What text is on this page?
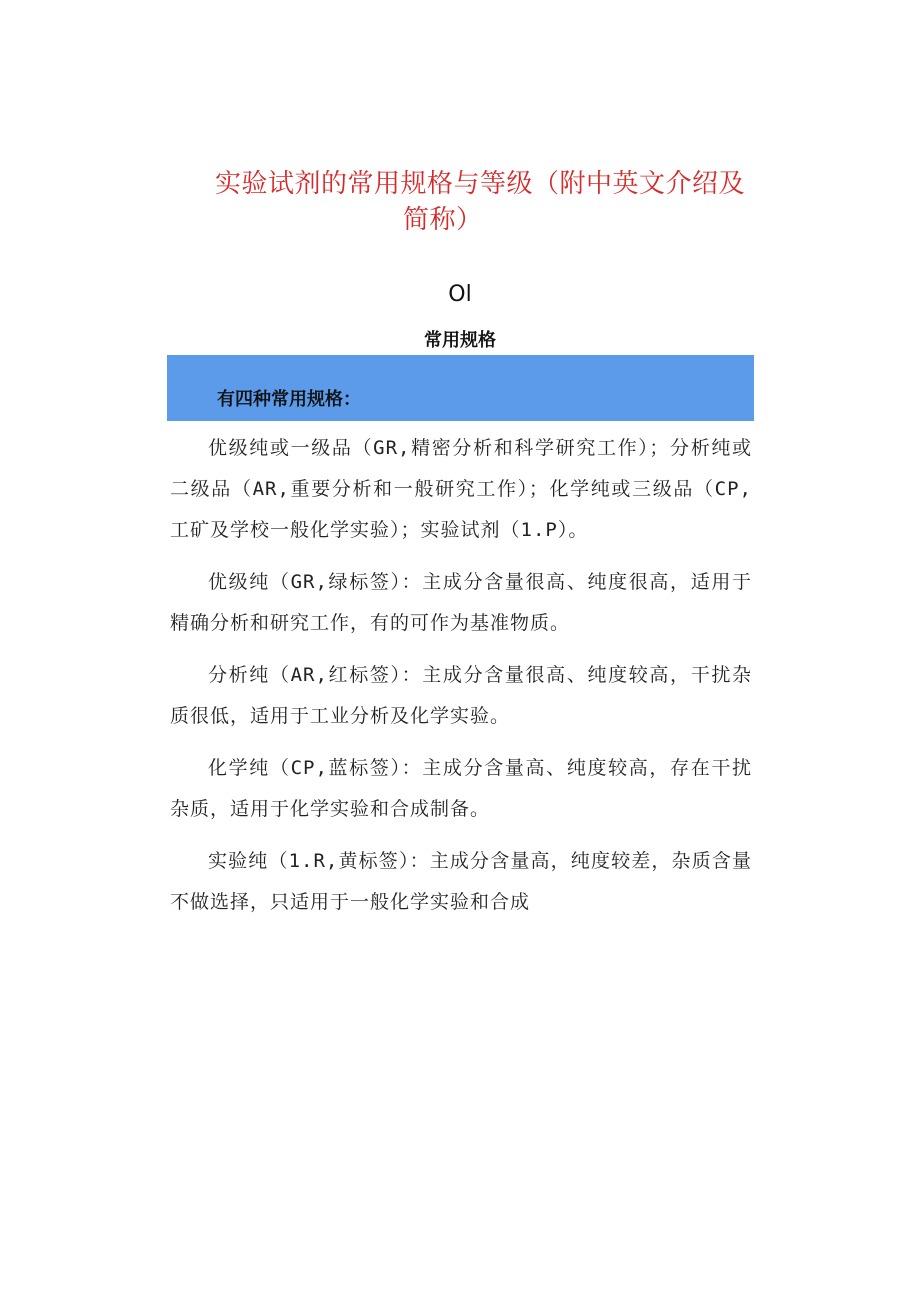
实验试剂的常用规格与等级（附中英文介绍及
简称）
Ol
常用规格
有四种常用规格：

优级纯或一级品（GR,精密分析和科学研究工作）；分析纯或二级品（AR,重要分析和一般研究工作）；化学纯或三级品（CP,工矿及学校一般化学实验）；实验试剂（1.P）。

优级纯（GR,绿标签）：主成分含量很高、纯度很高，适用于精确分析和研究工作，有的可作为基准物质。

分析纯（AR,红标签）：主成分含量很高、纯度较高，干扰杂质很低，适用于工业分析及化学实验。

化学纯（CP,蓝标签）：主成分含量高、纯度较高，存在干扰杂质，适用于化学实验和合成制备。

实验纯（1.R,黄标签）：主成分含量高，纯度较差，杂质含量不做选择，只适用于一般化学实验和合成
